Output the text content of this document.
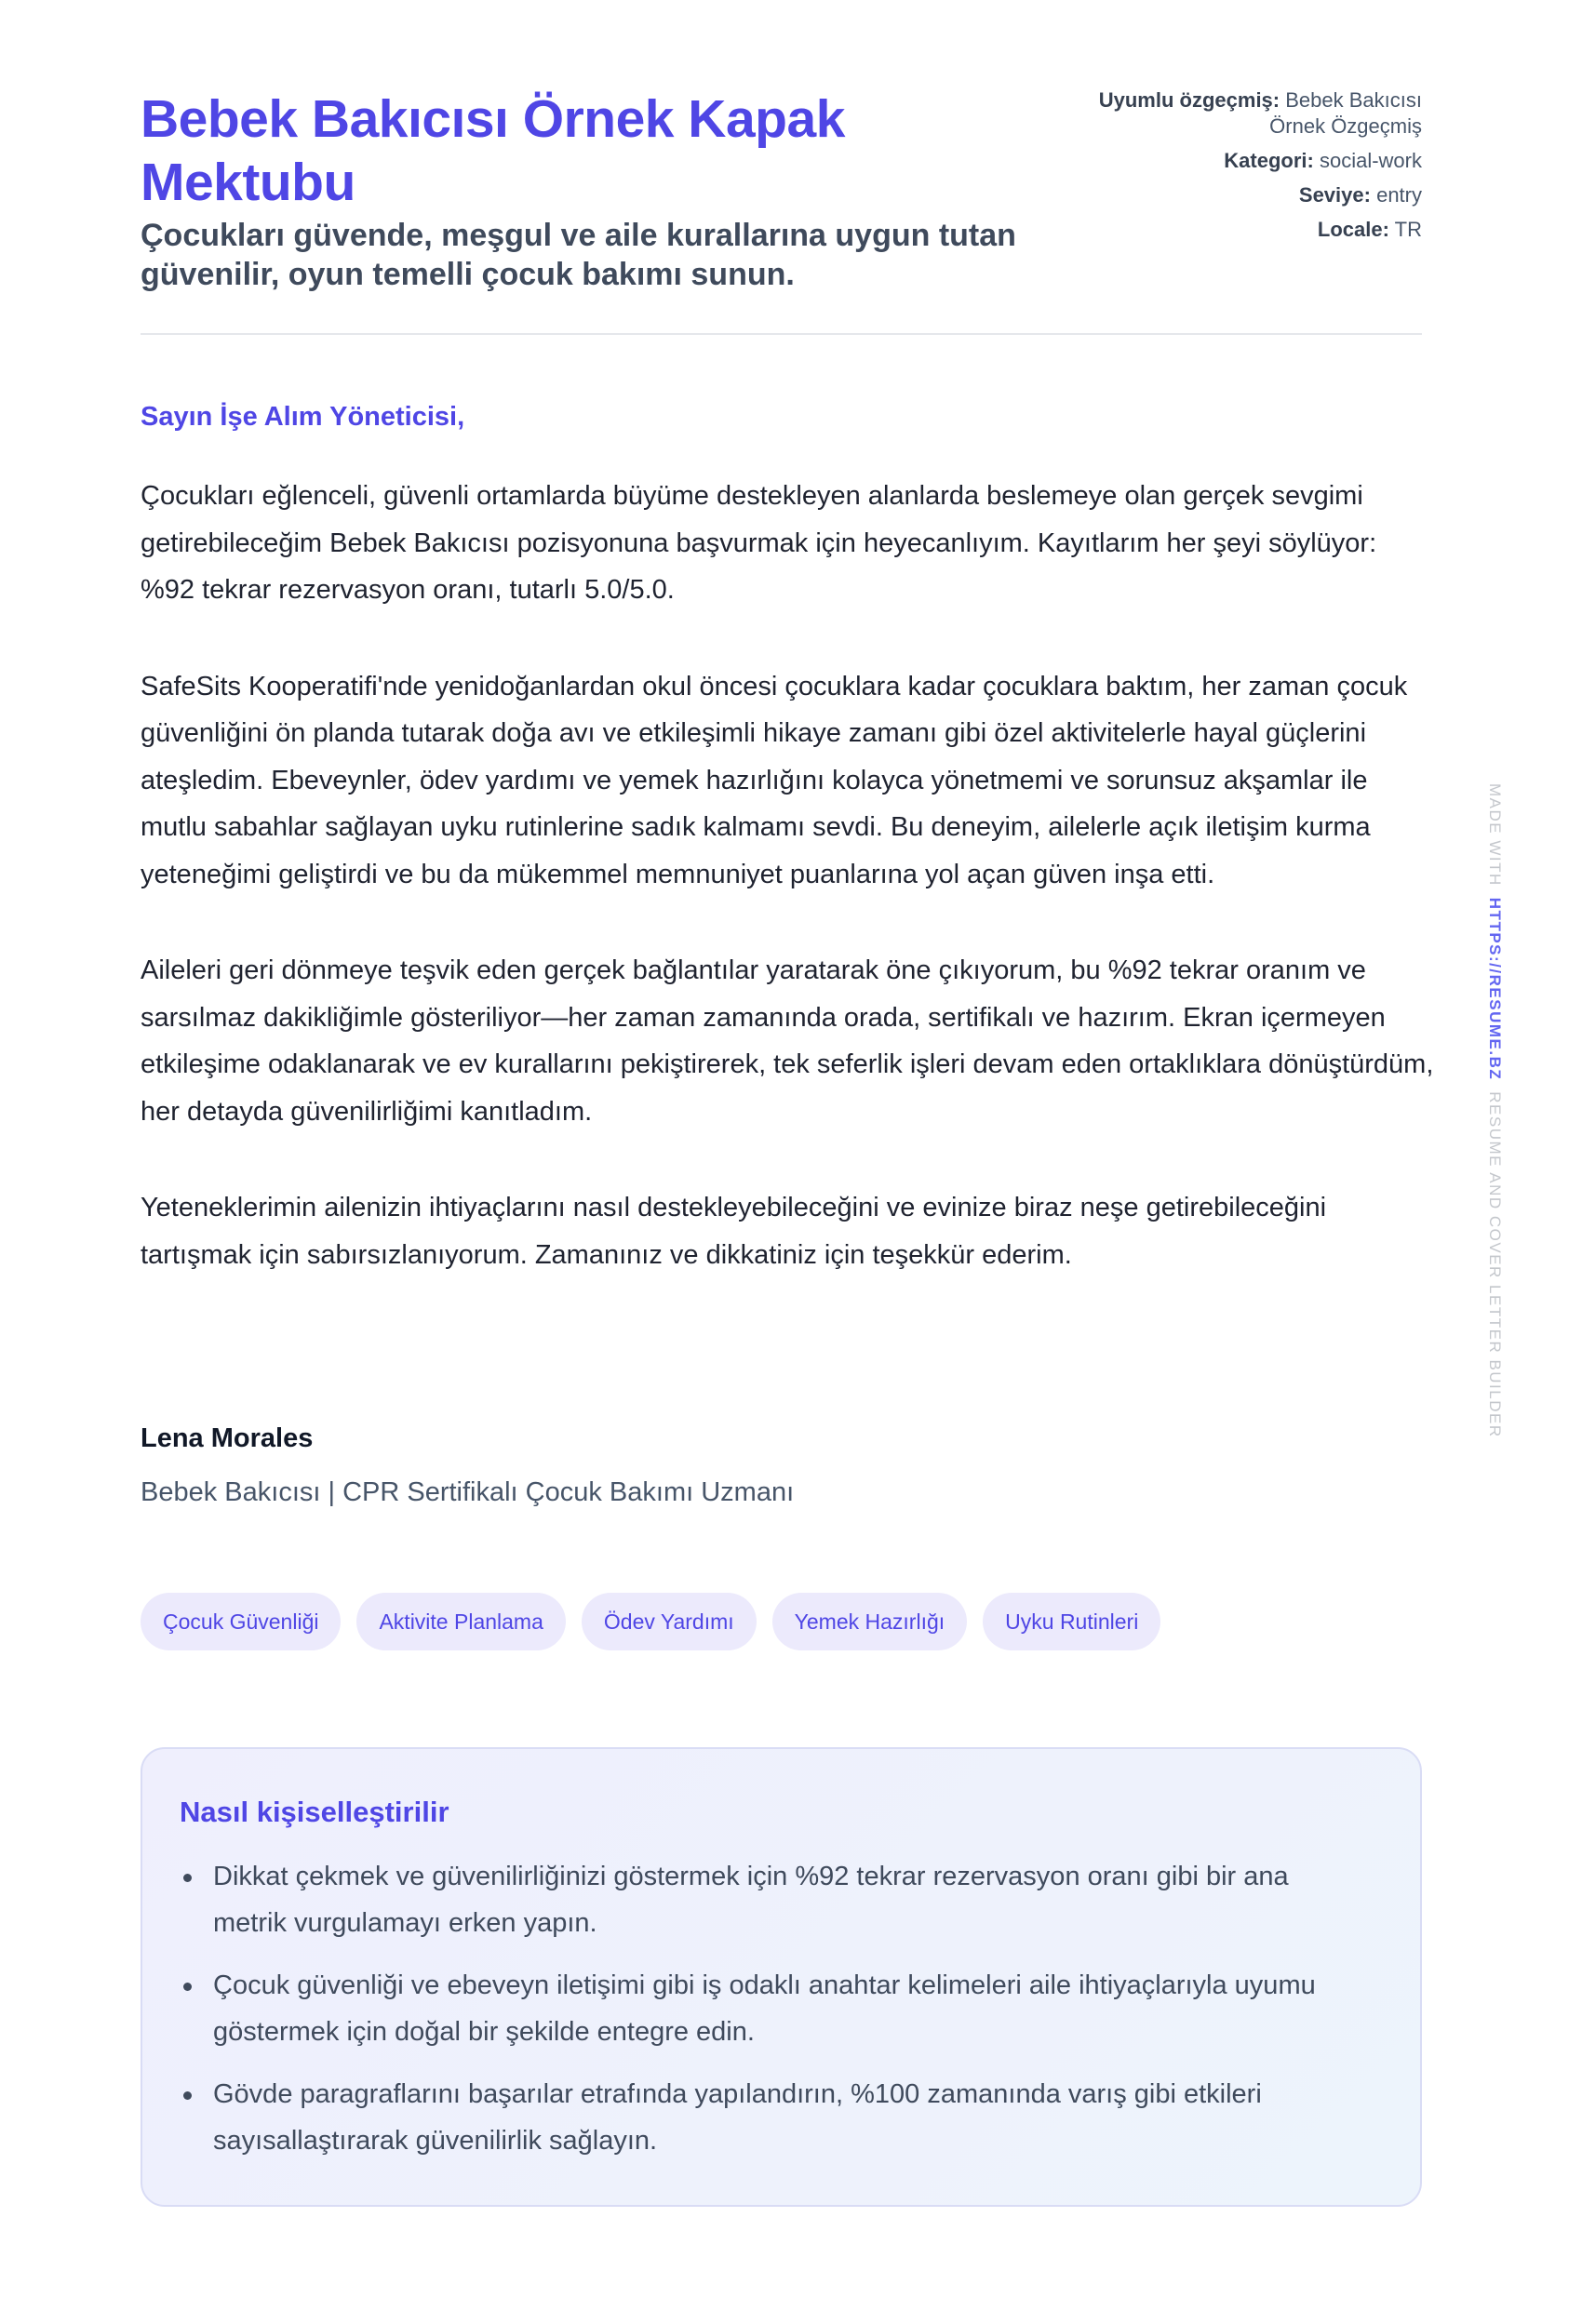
Bebek Bakıcısı Örnek Kapak Mektubu
Çocukları güvende, meşgul ve aile kurallarına uygun tutan güvenilir, oyun temelli çocuk bakımı sunun.
Uyumlu özgeçmiş: Bebek Bakıcısı Örnek Özgeçmiş
Kategori: social-work
Seviye: entry
Locale: TR
Sayın İşe Alım Yöneticisi,

Çocukları eğlenceli, güvenli ortamlarda büyüme destekleyen alanlarda beslemeye olan gerçek sevgimi getirebileceğim Bebek Bakıcısı pozisyonuna başvurmak için heyecanlıyım. Kayıtlarım her şeyi söylüyor: %92 tekrar rezervasyon oranı, tutarlı 5.0/5.0.

SafeSits Kooperatifi'nde yenidoğanlardan okul öncesi çocuklara kadar çocuklara baktım, her zaman çocuk güvenliğini ön planda tutarak doğa avı ve etkileşimli hikaye zamanı gibi özel aktivitelerle hayal güçlerini ateşledim. Ebeveynler, ödev yardımı ve yemek hazırlığını kolayca yönetmemi ve sorunsuz akşamlar ile mutlu sabahlar sağlayan uyku rutinlerine sadık kalmamı sevdi. Bu deneyim, ailelerle açık iletişim kurma yeteneğimi geliştirdi ve bu da mükemmel memnuniyet puanlarına yol açan güven inşa etti.

Aileleri geri dönmeye teşvik eden gerçek bağlantılar yaratarak öne çıkıyorum, bu %92 tekrar oranım ve sarsılmaz dakikliğimle gösteriliyor—her zaman zamanında orada, sertifikalı ve hazırım. Ekran içermeyen etkileşime odaklanarak ve ev kurallarını pekiştirerek, tek seferlik işleri devam eden ortaklıklara dönüştürdüm, her detayda güvenilirliğimi kanıtladım.

Yeteneklerimin ailenizin ihtiyaçlarını nasıl destekleyebileceğini ve evinize biraz neşe getirebileceğini tartışmak için sabırsızlanıyorum. Zamanınız ve dikkatiniz için teşekkür ederim.

Lena Morales
Bebek Bakıcısı | CPR Sertifikalı Çocuk Bakımı Uzmanı
Çocuk Güvenliği	Aktivite Planlama	Ödev Yardımı	Yemek Hazırlığı	Uyku Rutinleri
Nasıl kişiselleştirilir
Dikkat çekmek ve güvenilirliğinizi göstermek için %92 tekrar rezervasyon oranı gibi bir ana metrik vurgulamayı erken yapın.
Çocuk güvenliği ve ebeveyn iletişimi gibi iş odaklı anahtar kelimeleri aile ihtiyaçlarıyla uyumu göstermek için doğal bir şekilde entegre edin.
Gövde paragraflarını başarılar etrafında yapılandırın, %100 zamanında varış gibi etkileri sayısallaştırarak güvenilirlik sağlayın.
MADE WITHHTTPS://RESUME.BZRESUME AND COVER LETTER BUILDER
